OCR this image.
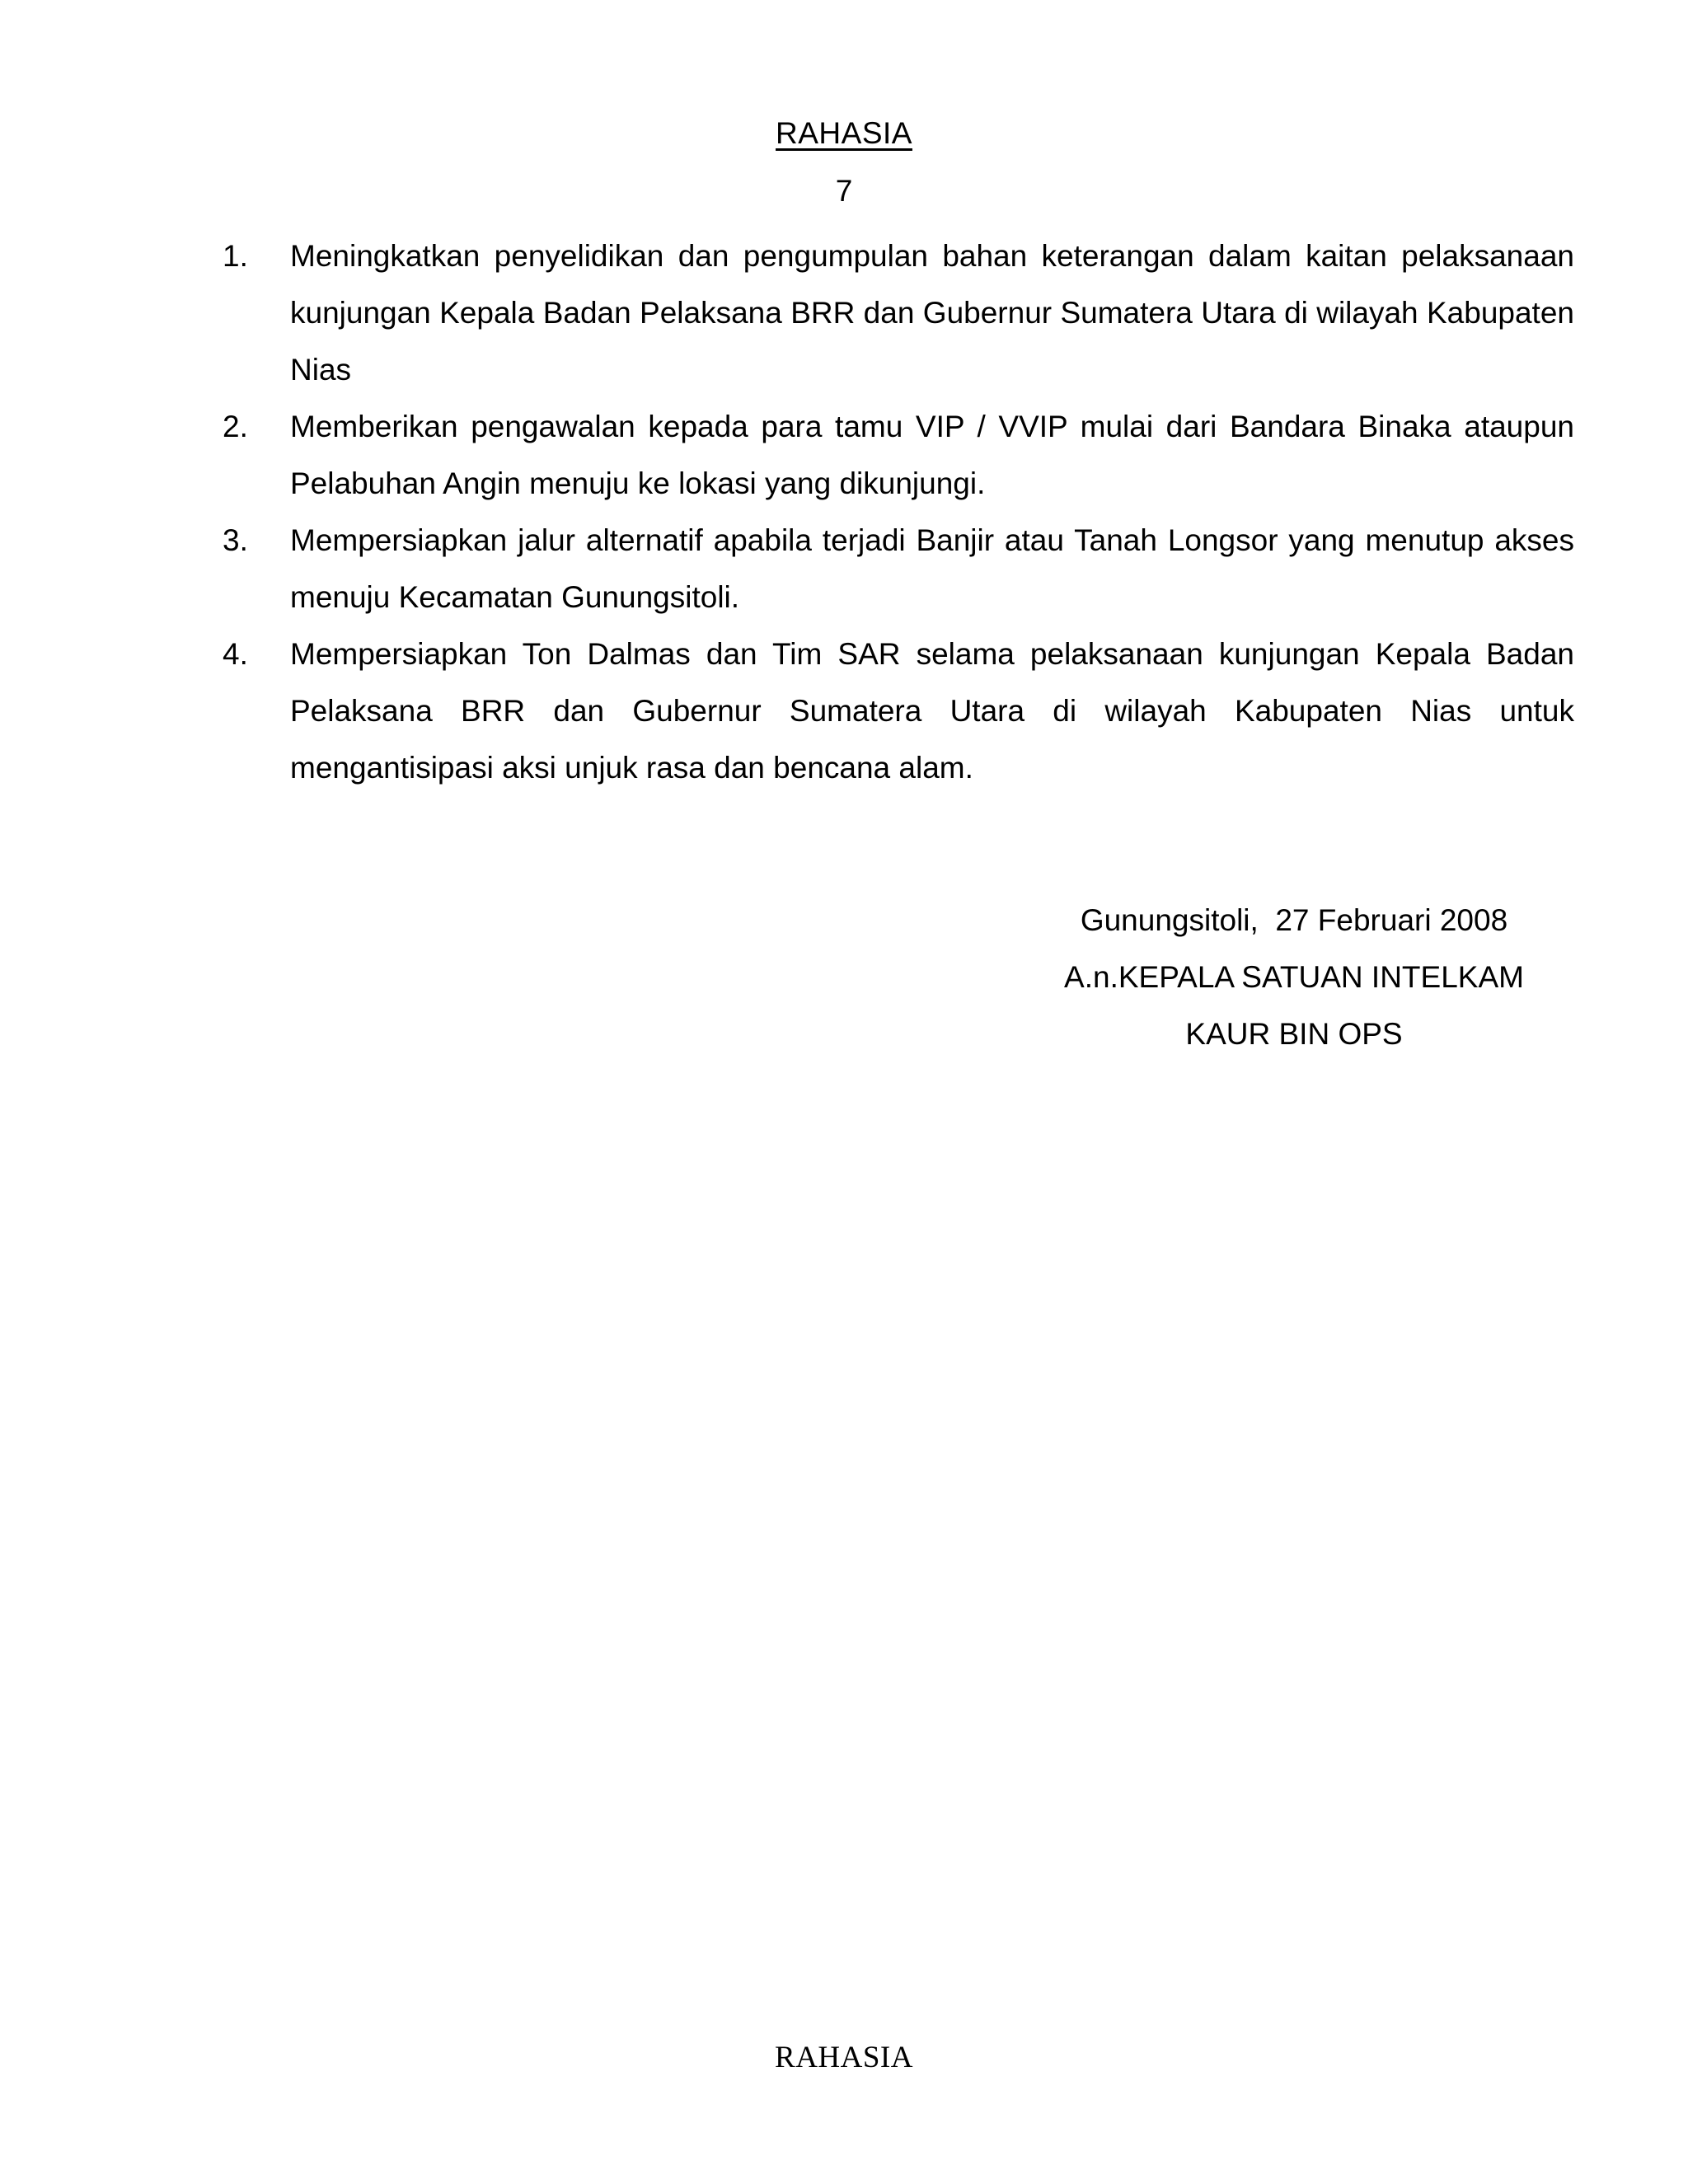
RAHASIA
7
1.	Meningkatkan penyelidikan dan pengumpulan bahan keterangan dalam kaitan pelaksanaan kunjungan Kepala Badan Pelaksana BRR dan Gubernur Sumatera Utara di wilayah Kabupaten Nias
2.	Memberikan pengawalan kepada para tamu VIP / VVIP mulai dari Bandara Binaka ataupun Pelabuhan Angin menuju ke lokasi yang dikunjungi.
3.	Mempersiapkan jalur alternatif apabila terjadi Banjir atau Tanah Longsor yang menutup akses menuju Kecamatan Gunungsitoli.
4.	Mempersiapkan Ton Dalmas dan Tim SAR selama pelaksanaan kunjungan Kepala Badan Pelaksana BRR dan Gubernur Sumatera Utara di wilayah Kabupaten Nias untuk mengantisipasi aksi unjuk rasa dan bencana alam.
Gunungsitoli,  27 Februari 2008
A.n.KEPALA SATUAN INTELKAM
KAUR BIN OPS
RAHASIA
